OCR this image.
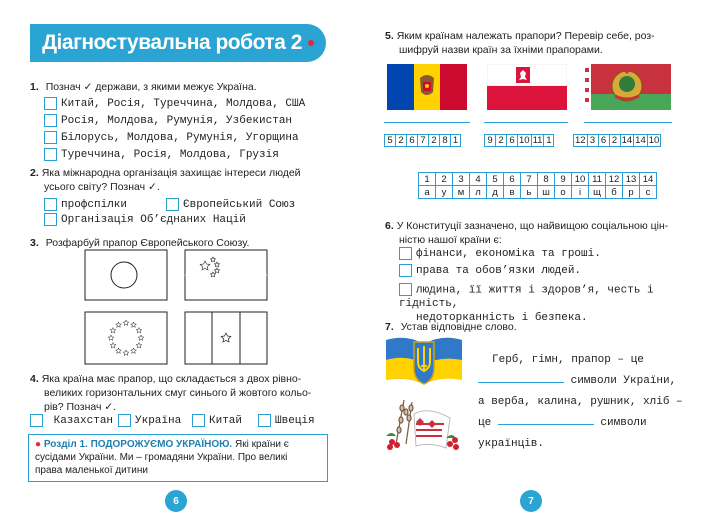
Діагностувальна робота 2
1. Познач ✓ держави, з якими межує Україна.
Китай, Росія, Туреччина, Молдова, США
Росія, Молдова, Румунія, Узбекистан
Білорусь, Молдова, Румунія, Угорщина
Туреччина, Росія, Молдова, Грузія
2. Яка міжнародна організація захищає інтереси людей
усього світу? Познач ✓.
профспілки	Європейський Союз
Організація Об’єднаних Націй
3. Розфарбуй прапор Європейського Союзу.
4. Яка країна має прапор, що складається з двох рівно-
великих горизонтальних смуг синього й жовтого кольо-
рів? Познач ✓.
Казахстан	Україна	Китай	Швеція
● Розділ 1. ПОДОРОЖУЄМО УКРАЇНОЮ. Які країни є
сусідами України. Ми – громадяни України. Про великі
права маленької дитини
6
5. Яким країнам належать прапори? Перевір себе, роз-
шифруй назви країн за їхніми прапорами.
5 2 6 7 2 8 1	9 2 6 10 11 1	12 3 6 2 14 14 10
1	2	3	4	5	6	7	8	9	10	11	12	13	14
а	у	м	л	д	в	ь	ш	о	і	щ	б	р	с
6. У Конституції зазначено, що найвищою соціальною цін-
ністю нашої країни є:
фінанси, економіка та гроші.
права та обов’язки людей.
людина, її життя і здоров’я, честь і гідність,
недоторканність і безпека.
7. Устав відповідне слово.
Герб, гімн, прапор – це
символи України,
а верба, калина, рушник, хліб –
це	символи
українців.
7
